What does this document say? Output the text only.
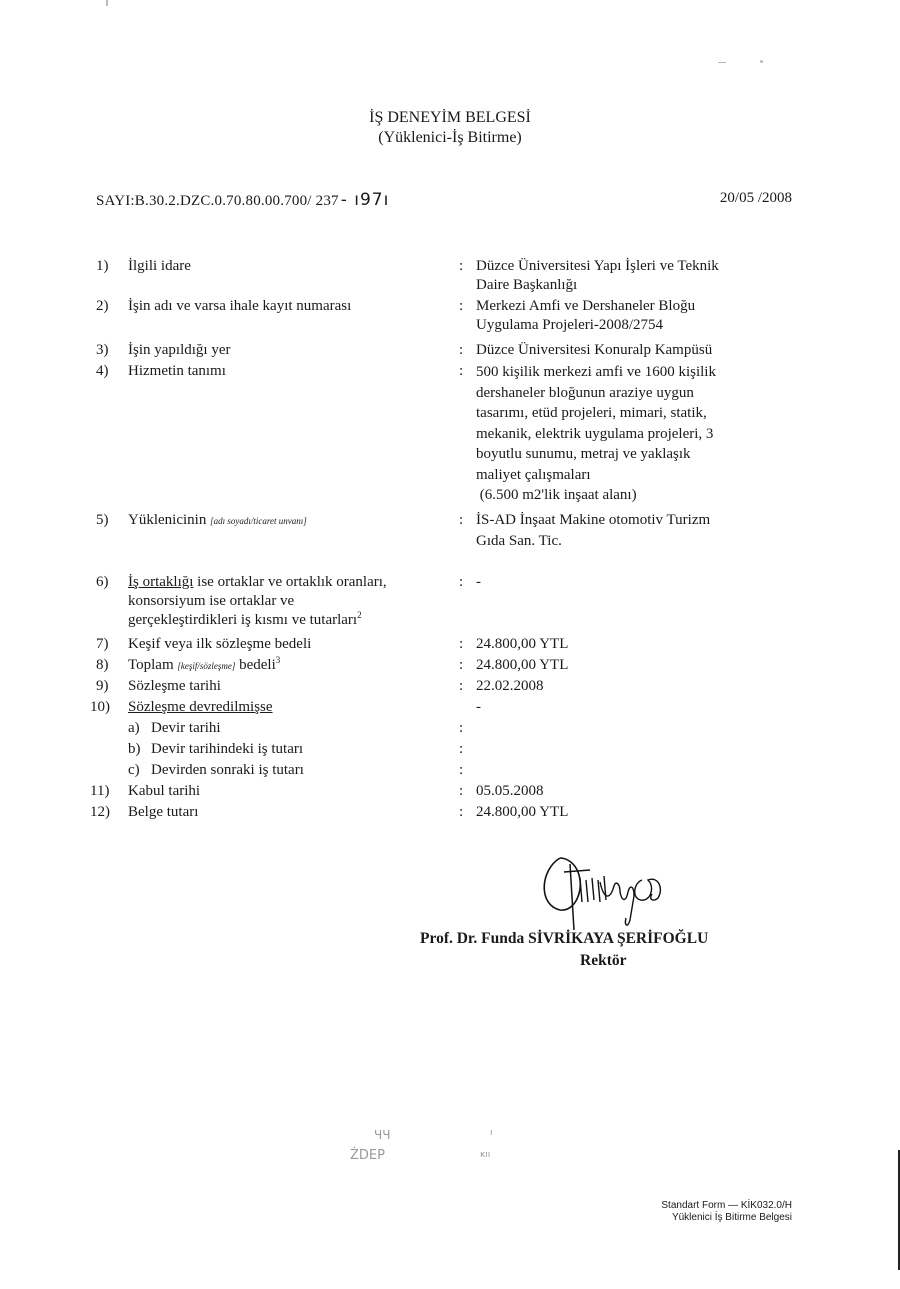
İŞ DENEYİM BELGESİ
(Yüklenici-İş Bitirme)
SAYI:B.30.2.DZC.0.70.80.00.700/ 237 - ı97ı	20/05 /2008
1)	İlgili idare	: Düzce Üniversitesi Yapı İşleri ve Teknik
Daire Başkanlığı
2)	İşin adı ve varsa ihale kayıt numarası	: Merkezi Amfi ve Dershaneler Bloğu
Uygulama Projeleri-2008/2754
3)	İşin yapıldığı yer	: Düzce Üniversitesi Konuralp Kampüsü
4)	Hizmetin tanımı	: 500 kişilik merkezi amfi ve 1600 kişilik
dershaneler bloğunun araziye uygun
tasarımı, etüd projeleri, mimari, statik,
mekanik, elektrik uygulama projeleri, 3
boyutlu sunumu, metraj ve yaklaşık
maliyet çalışmaları
(6.500 m2'lik inşaat alanı)
5)	Yüklenicinin [adı soyadı/ticaret unvanı]	: İS-AD İnşaat Makine otomotiv Turizm
Gıda San. Tic.
6)	İş ortaklığı ise ortaklar ve ortaklık oranları,
konsorsiyum ise ortaklar ve
gerçekleştirdikleri iş kısmı ve tutarları$^2$
: -
7)	Keşif veya ilk sözleşme bedeli	: 24.800,00 YTL
8)	Toplam [keşif/sözleşme] bedeli$^3$	: 24.800,00 YTL
9)	Sözleşme tarihi	: 22.02.2008
10)	Sözleşme devredilmişse	-
a) Devir tarihi	:
b) Devir tarihindeki iş tutarı	:
c) Devirden sonraki iş tutarı	:
11)	Kabul tarihi	: 05.05.2008
12)	Belge tutarı	: 24.800,00 YTL
Prof. Dr. Funda SİVRİKAYA ŞERİFOĞLU
Rektör
ЧЧ
ŻDEP
ı
ĸıı
Standart Form — KİK032.0/H
Yüklenici İş Bitirme Belgesi
